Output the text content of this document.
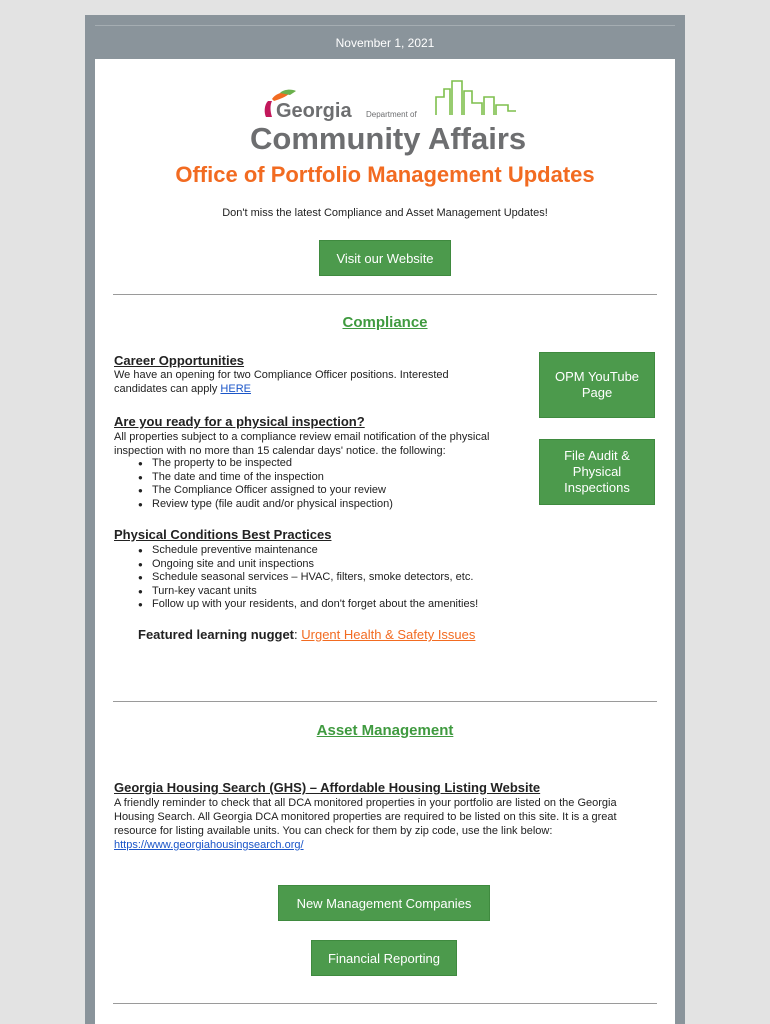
November 1, 2021
Georgia Department of
Community Affairs
Office of Portfolio Management Updates
Don't miss the latest Compliance and Asset Management Updates!
Visit our Website
Compliance
Career Opportunities
We have an opening for two Compliance Officer positions. Interested candidates can apply HERE
Are you ready for a physical inspection?
All properties subject to a compliance review email notification of the physical inspection with no more than 15 calendar days' notice. the following:
● The property to be inspected
● The date and time of the inspection
● The Compliance Officer assigned to your review
● Review type (file audit and/or physical inspection)
Physical Conditions Best Practices
● Schedule preventive maintenance
● Ongoing site and unit inspections
● Schedule seasonal services – HVAC, filters, smoke detectors, etc.
● Turn-key vacant units
● Follow up with your residents, and don't forget about the amenities!
Featured learning nugget: Urgent Health & Safety Issues
OPM YouTube Page
File Audit & Physical Inspections
Asset Management
Georgia Housing Search (GHS) – Affordable Housing Listing Website
A friendly reminder to check that all DCA monitored properties in your portfolio are listed on the Georgia Housing Search. All Georgia DCA monitored properties are required to be listed on this site. It is a great resource for listing available units. You can check for them by zip code, use the link below: https://www.georgiahousingsearch.org/
New Management Companies
Financial Reporting
